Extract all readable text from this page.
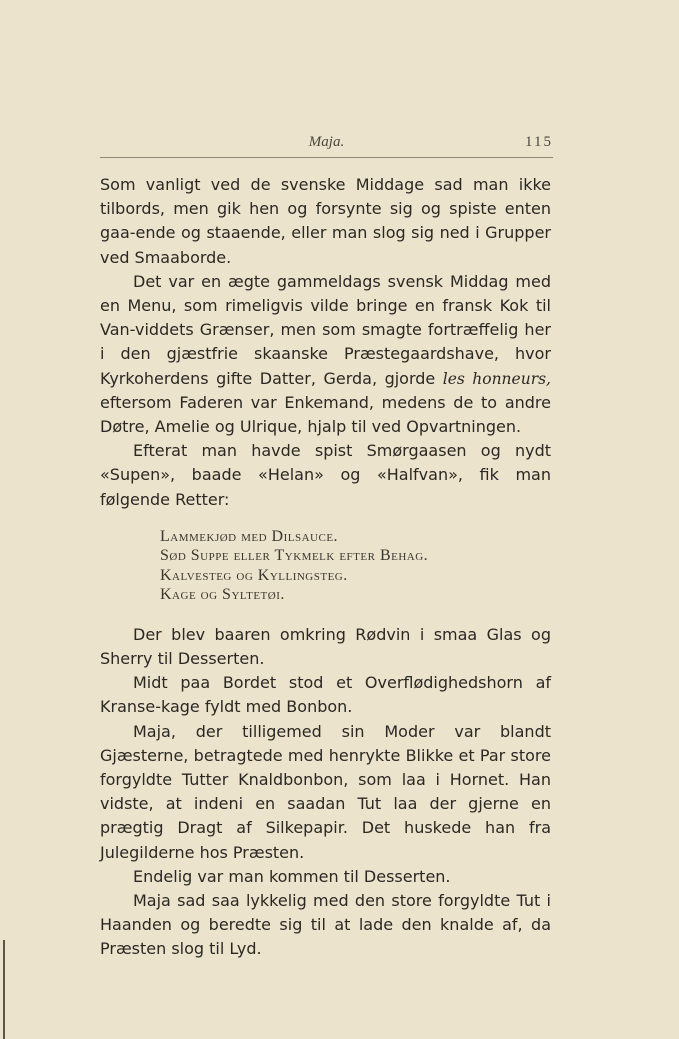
Maja.	115

Som vanligt ved de svenske Middage sad man ikke tilbords, men gik hen og forsynte sig og spiste enten gaa-ende og staaende, eller man slog sig ned i Grupper ved Smaaborde.

Det var en ægte gammeldags svensk Middag med en Menu, som rimeligvis vilde bringe en fransk Kok til Van-viddets Grænser, men som smagte fortræffelig her i den gjæstfrie skaanske Præstegaardshave, hvor Kyrkoherdens gifte Datter, Gerda, gjorde les honneurs, eftersom Faderen var Enkemand, medens de to andre Døtre, Amelie og Ulrique, hjalp til ved Opvartningen.

Efterat man havde spist Smørgaasen og nydt «Supen», baade «Helan» og «Halfvan», fik man følgende Retter:

Lammekjød med Dilsauce.
Sød Suppe eller Tykmelk efter Behag.
Kalvesteg og Kyllingsteg.
Kage og Syltetøi.

Der blev baaren omkring Rødvin i smaa Glas og Sherry til Desserten.

Midt paa Bordet stod et Overflødighedshorn af Kranse-kage fyldt med Bonbon.

Maja, der tilligemed sin Moder var blandt Gjæsterne, betragtede med henrykte Blikke et Par store forgyldte Tutter Knaldbonbon, som laa i Hornet. Han vidste, at indeni en saadan Tut laa der gjerne en prægtig Dragt af Silkepapir. Det huskede han fra Julegilderne hos Præsten.

Endelig var man kommen til Desserten.

Maja sad saa lykkelig med den store forgyldte Tut i Haanden og beredte sig til at lade den knalde af, da Præsten slog til Lyd.
